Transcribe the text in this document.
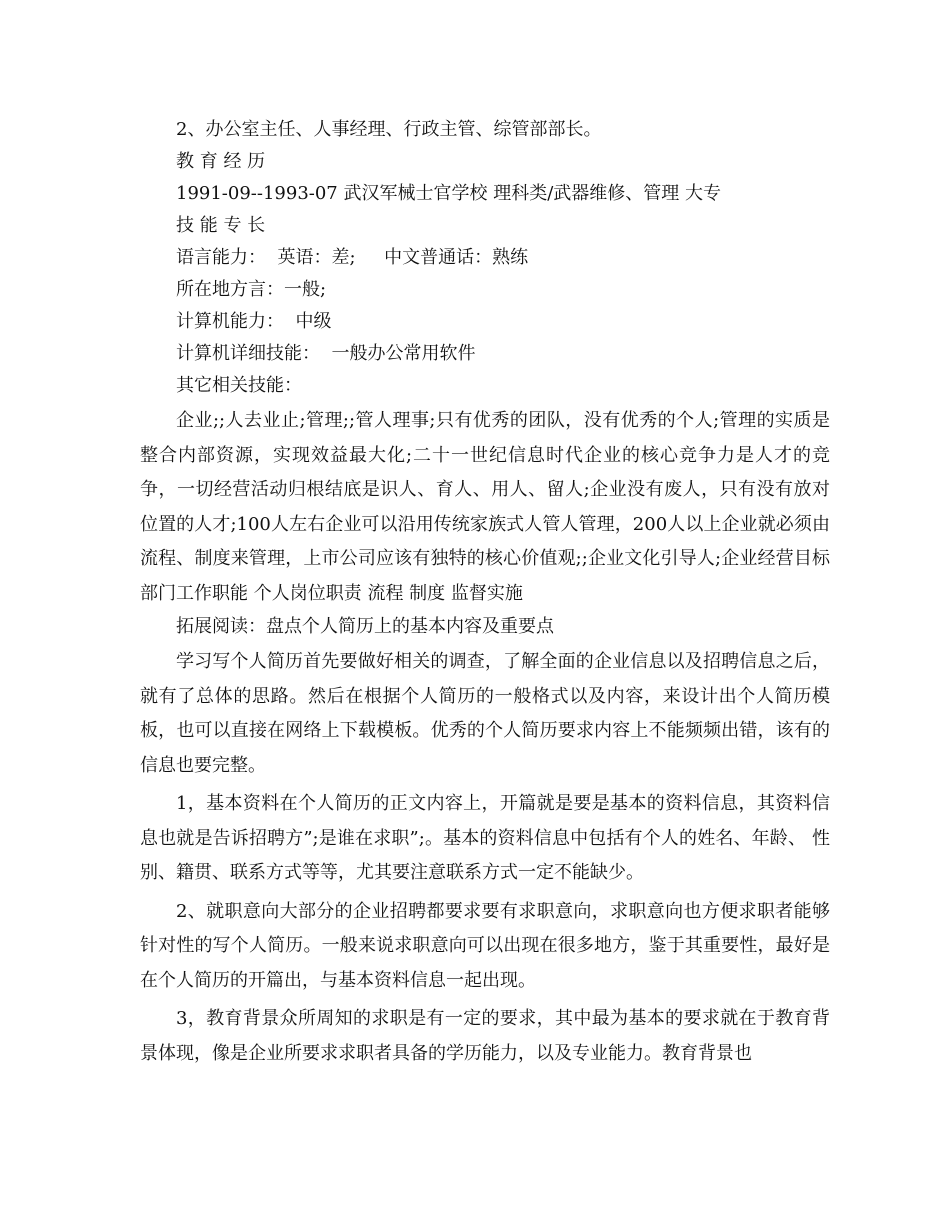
2、办公室主任、人事经理、行政主管、综管部部长。
教 育 经 历
1991-09--1993-07 武汉军械士官学校 理科类/武器维修、管理 大专
技 能 专 长
语言能力：  英语：差;     中文普通话：熟练
所在地方言：一般;
计算机能力：  中级
计算机详细技能：  一般办公常用软件
其它相关技能：

企业;;人去业止;管理;;管人理事;只有优秀的团队，没有优秀的个人;管理的实质是整合内部资源，实现效益最大化;二十一世纪信息时代企业的核心竞争力是人才的竞争，一切经营活动归根结底是识人、育人、用人、留人;企业没有废人，只有没有放对位置的人才;100人左右企业可以沿用传统家族式人管人管理，200人以上企业就必须由流程、制度来管理，上市公司应该有独特的核心价值观;;企业文化引导人;企业经营目标 部门工作职能 个人岗位职责 流程 制度 监督实施

拓展阅读：盘点个人简历上的基本内容及重要点

学习写个人简历首先要做好相关的调查，了解全面的企业信息以及招聘信息之后，就有了总体的思路。然后在根据个人简历的一般格式以及内容，来设计出个人简历模板，也可以直接在网络上下载模板。优秀的个人简历要求内容上不能频频出错，该有的信息也要完整。

1，基本资料在个人简历的正文内容上，开篇就是要是基本的资料信息，其资料信息也就是告诉招聘方”;是谁在求职”;。基本的资料信息中包括有个人的姓名、年龄、 性别、籍贯、联系方式等等，尤其要注意联系方式一定不能缺少。

2、就职意向大部分的企业招聘都要求要有求职意向，求职意向也方便求职者能够针对性的写个人简历。一般来说求职意向可以出现在很多地方，鉴于其重要性，最好是在个人简历的开篇出，与基本资料信息一起出现。

3，教育背景众所周知的求职是有一定的要求，其中最为基本的要求就在于教育背景体现，像是企业所要求求职者具备的学历能力，以及专业能力。教育背景也
